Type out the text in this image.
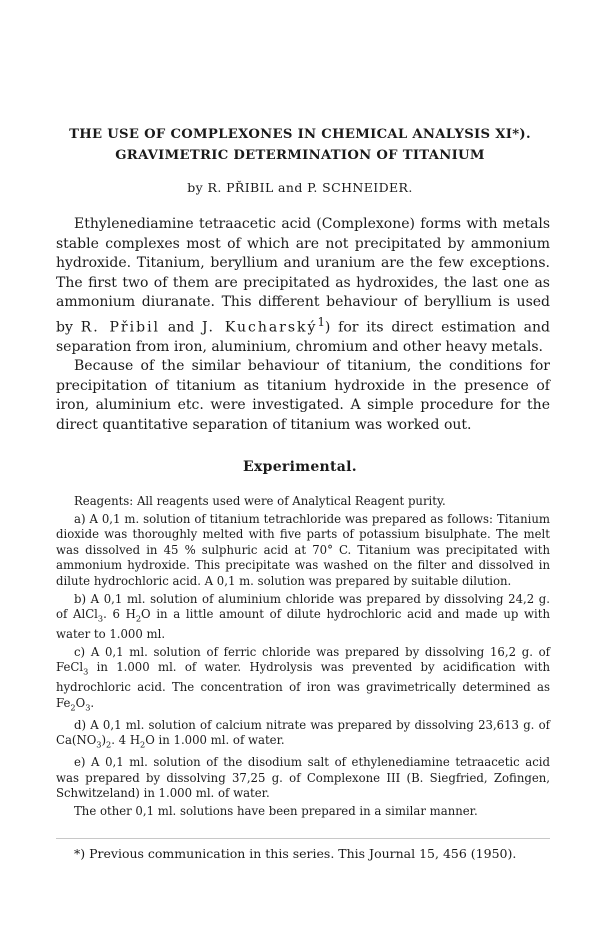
THE USE OF COMPLEXONES IN CHEMICAL ANALYSIS XI*).
GRAVIMETRIC DETERMINATION OF TITANIUM
by R. PŘIBIL and P. SCHNEIDER.

Ethylenediamine tetraacetic acid (Complexone) forms with metals stable complexes most of which are not precipitated by ammonium hydroxide. Titanium, beryllium and uranium are the few exceptions. The first two of them are precipitated as hydroxides, the last one as ammonium diuranate. This different behaviour of beryllium is used by R. Přibil and J. Kucharský$^1$) for its direct estimation and separation from iron, aluminium, chromium and other heavy metals.

Because of the similar behaviour of titanium, the conditions for precipitation of titanium as titanium hydroxide in the presence of iron, aluminium etc. were investigated. A simple procedure for the direct quantitative separation of titanium was worked out.

Experimental.

Reagents: All reagents used were of Analytical Reagent purity.

a) A 0,1 m. solution of titanium tetrachloride was prepared as follows: Titanium dioxide was thoroughly melted with five parts of potassium bisulphate. The melt was dissolved in 45 % sulphuric acid at 70° C. Titanium was precipitated with ammonium hydroxide. This precipitate was washed on the filter and dissolved in dilute hydrochloric acid. A 0,1 m. solution was prepared by suitable dilution.

b) A 0,1 ml. solution of aluminium chloride was prepared by dissolving 24,2 g. of AlCl$_3$. 6 $H_2O$ in a little amount of dilute hydrochloric acid and made up with water to 1.000 ml.

c) A 0,1 ml. solution of ferric chloride was prepared by dissolving 16,2 g. of FeCl$_3$ in 1.000 ml. of water. Hydrolysis was prevented by acidification with hydrochloric acid. The concentration of iron was gravimetrically determined as $Fe_2O_3$.

d) A 0,1 ml. solution of calcium nitrate was prepared by dissolving 23,613 g. of $Ca(NO_3)_2$. 4 $H_2O$ in 1.000 ml. of water.

e) A 0,1 ml. solution of the disodium salt of ethylenediamine tetraacetic acid was prepared by dissolving 37,25 g. of Complexone III (B. Siegfried, Zofingen, Schwitzeland) in 1.000 ml. of water.

The other 0,1 ml. solutions have been prepared in a similar manner.

*) Previous communication in this series. This Journal 15, 456 (1950).
